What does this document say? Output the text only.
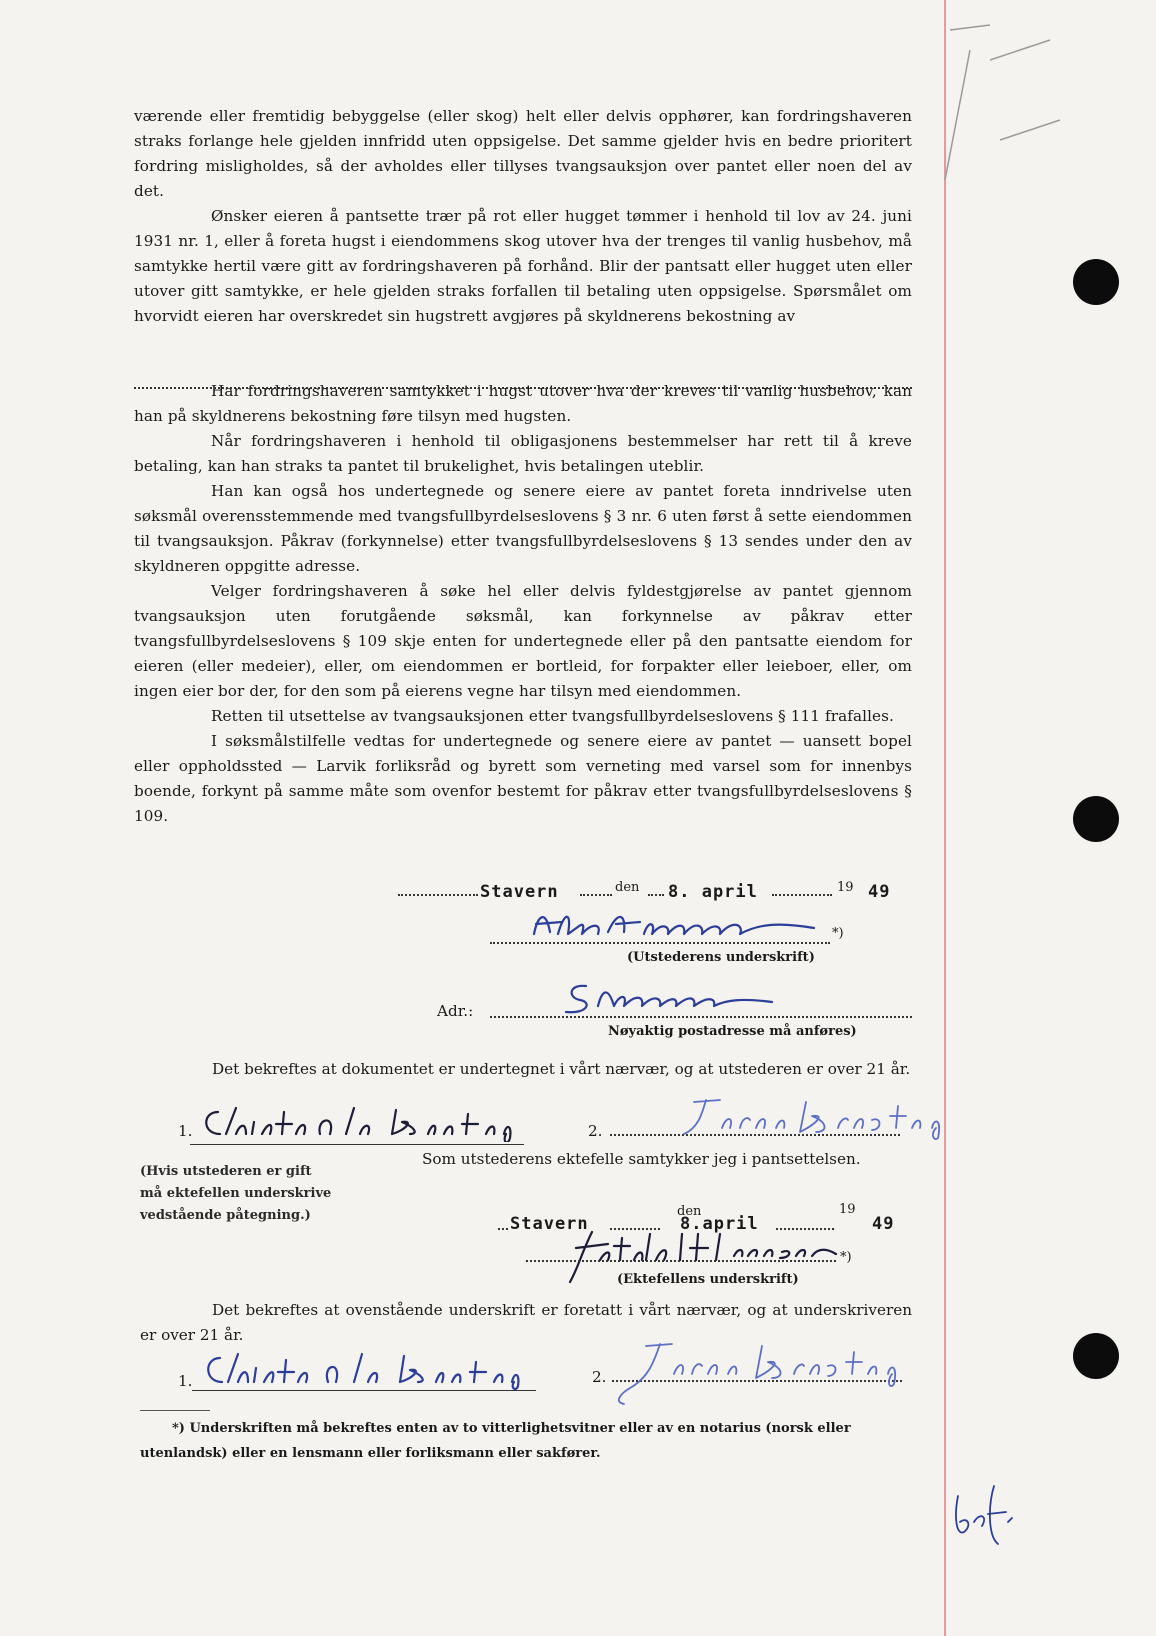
værende eller fremtidig bebyggelse (eller skog) helt eller delvis opphører, kan fordringshaveren straks forlange hele gjelden innfridd uten oppsigelse. Det samme gjelder hvis en bedre prioritert fordring misligholdes, så der avholdes eller tillyses tvangsauksjon over pantet eller noen del av det.

Ønsker eieren å pantsette trær på rot eller hugget tømmer i henhold til lov av 24. juni 1931 nr. 1, eller å foreta hugst i eiendommens skog utover hva der trenges til vanlig husbehov, må samtykke hertil være gitt av fordringshaveren på forhånd. Blir der pantsatt eller hugget uten eller utover gitt samtykke, er hele gjelden straks forfallen til betaling uten oppsigelse. Spørsmålet om hvorvidt eieren har overskredet sin hugstrett avgjøres på skyldnerens bekostning av

Har fordringshaveren samtykket i hugst utover hva der kreves til vanlig husbehov, kan han på skyldnerens bekostning føre tilsyn med hugsten.

Når fordringshaveren i henhold til obligasjonens bestemmelser har rett til å kreve betaling, kan han straks ta pantet til brukelighet, hvis betalingen uteblir.

Han kan også hos undertegnede og senere eiere av pantet foreta inndrivelse uten søksmål overensstemmende med tvangsfullbyrdelseslovens § 3 nr. 6 uten først å sette eiendommen til tvangsauksjon. Påkrav (forkynnelse) etter tvangsfullbyrdelseslovens § 13 sendes under den av skyldneren oppgitte adresse.

Velger fordringshaveren å søke hel eller delvis fyldestgjørelse av pantet gjennom tvangsauksjon uten forutgående søksmål, kan forkynnelse av påkrav etter tvangsfullbyrdelseslovens § 109 skje enten for undertegnede eller på den pantsatte eiendom for eieren (eller medeier), eller, om eiendommen er bortleid, for forpakter eller leieboer, eller, om ingen eier bor der, for den som på eierens vegne har tilsyn med eiendommen.

Retten til utsettelse av tvangsauksjonen etter tvangsfullbyrdelseslovens § 111 frafalles.

I søksmålstilfelle vedtas for undertegnede og senere eiere av pantet — uansett bopel eller oppholdssted — Larvik forliksråd og byrett som verneting med varsel som for innenbys boende, forkynt på samme måte som ovenfor bestemt for påkrav etter tvangsfullbyrdelseslovens § 109.

Stavern	den 8. april	19 49
*)
(Utstederens underskrift)
Adr.:
Nøyaktig postadresse må anføres)
Det bekreftes at dokumentet er undertegnet i vårt nærvær, og at utstederen er over 21 år.
1.	2.
(Hvis utstederen er gift
må ektefellen underskrive
vedstående påtegning.)
Som utstederens ektefelle samtykker jeg i pantsettelsen.
Stavern
den
8.april
19
49
*)
(Ektefellens underskrift)
Det bekreftes at ovenstående underskrift er foretatt i vårt nærvær, og at underskriveren er over 21 år.
1.	2.
*) Underskriften må bekreftes enten av to vitterlighetsvitner eller av en notarius (norsk eller utenlandsk) eller en lensmann eller forliksmann eller sakfører.
